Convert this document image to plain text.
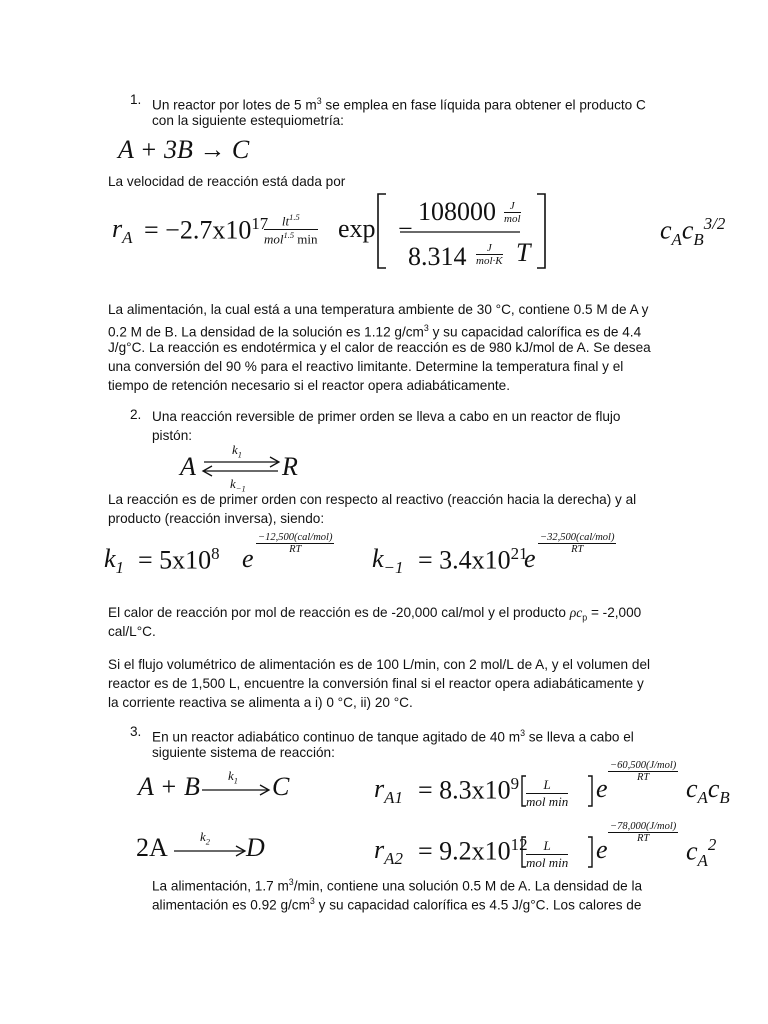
1. Un reactor por lotes de 5 $m^3$ se emplea en fase líquida para obtener el producto C

con la siguiente estequiometría:

A + 3B → C

La velocidad de reacción está dada por

$r_A = -2.7x10^{17}$	$lt^{1.5}$
mol$^{1.5}$ min exp −
108000	J
mol
8.314	J
mol·K T
$c_Ac_B^{3/2}$

La alimentación, la cual está a una temperatura ambiente de 30 °C, contiene 0.5 M de A y

0.2 M de B. La densidad de la solución es 1.12 $g/cm^3$ y su capacidad calorífica es de 4.4

J/g°C. La reacción es endotérmica y el calor de reacción es de 980 kJ/mol de A. Se desea

una conversión del 90 % para el reactivo limitante. Determine la temperatura final y el

tiempo de retención necesario si el reactor opera adiabáticamente.

2. Una reacción reversible de primer orden se lleva a cabo en un reactor de flujo

pistón:

A
$k_1$
$k_{-1}$
R

La reacción es de primer orden con respecto al reactivo (reacción hacia la derecha) y al

producto (reacción inversa), siendo:

$k_1 = 5x10^8$ e
−12,500(cal/mol)
RT	$k_{-1} = 3.4x10^{21}$
e
−32,500(cal/mol)
RT

El calor de reacción por mol de reacción es de -20,000 cal/mol y el producto $\rho c_p = -2,000$

cal/L°C.

Si el flujo volumétrico de alimentación es de 100 L/min, con 2 mol/L de A, y el volumen del

reactor es de 1,500 L, encuentre la conversión final si el reactor opera adiabáticamente y

la corriente reactiva se alimenta a i) 0 °C, ii) 20 °C.

3. En un reactor adiabático continuo de tanque agitado de 40 $m^3$ se lleva a cabo el

siguiente sistema de reacción:

A + B $k_1$ C
2A $k_2$ D
$r_{A1} = 8.3x10^9$	L
mol min e
−60,500(J/mol)
RT	$c_Ac_B$
$r_{A2} = 9.2x10^{12}$	L
mol min e
−78,000(J/mol)
RT	$c_A^2$

La alimentación, 1.7 $m^3/\min$, contiene una solución 0.5 M de A. La densidad de la

alimentación es 0.92 $g/cm^3$ y su capacidad calorífica es 4.5 J/g°C. Los calores de
